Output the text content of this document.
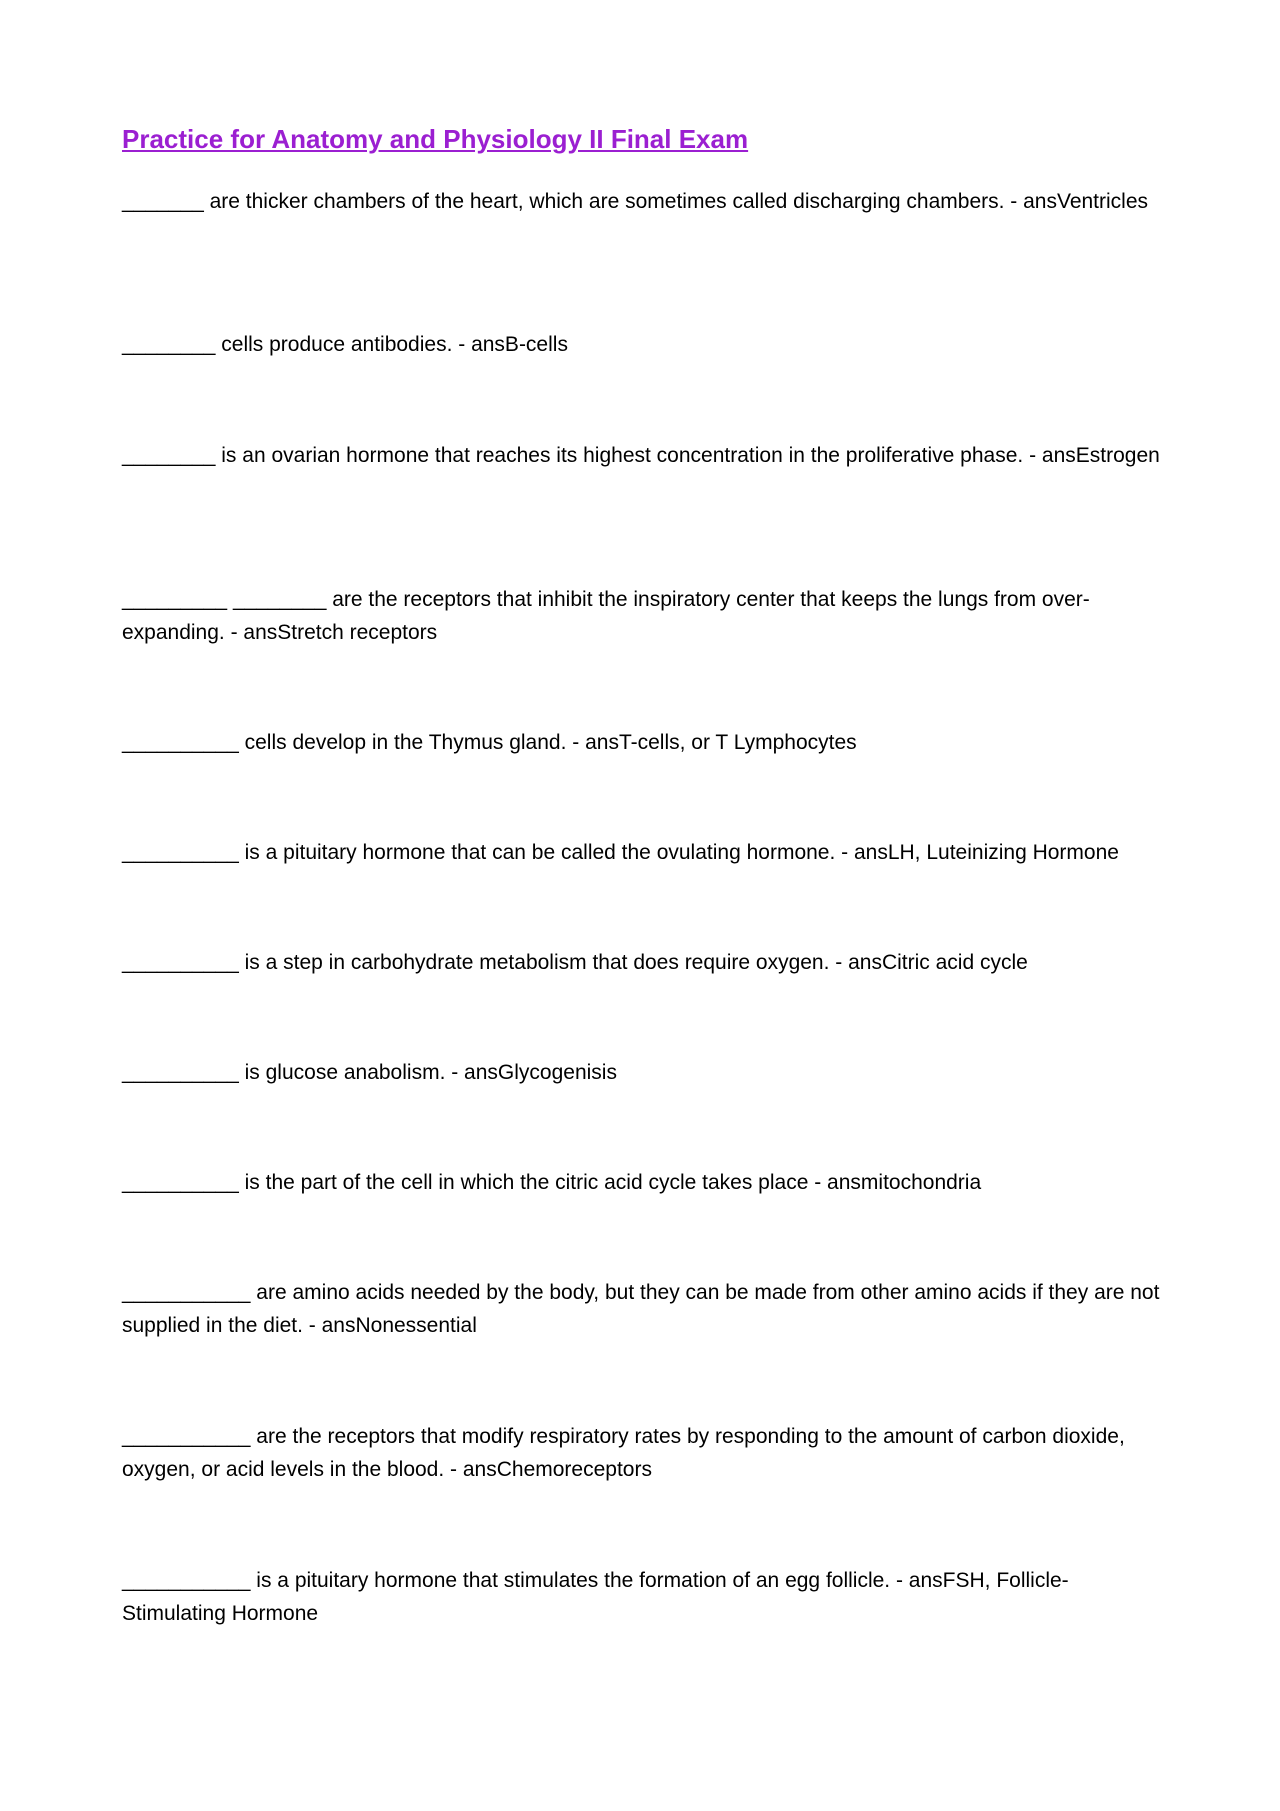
Practice for Anatomy and Physiology II Final Exam

_______ are thicker chambers of the heart, which are sometimes called discharging chambers. - ansVentricles

________ cells produce antibodies. - ansB-cells

________ is an ovarian hormone that reaches its highest concentration in the proliferative phase. - ansEstrogen

_________ ________ are the receptors that inhibit the inspiratory center that keeps the lungs from over-expanding. - ansStretch receptors

__________ cells develop in the Thymus gland. - ansT-cells, or T Lymphocytes

__________ is a pituitary hormone that can be called the ovulating hormone. - ansLH, Luteinizing Hormone

__________ is a step in carbohydrate metabolism that does require oxygen. - ansCitric acid cycle

__________ is glucose anabolism. - ansGlycogenisis

__________ is the part of the cell in which the citric acid cycle takes place - ansmitochondria

___________ are amino acids needed by the body, but they can be made from other amino acids if they are not supplied in the diet. - ansNonessential

___________ are the receptors that modify respiratory rates by responding to the amount of carbon dioxide, oxygen, or acid levels in the blood. - ansChemoreceptors

___________ is a pituitary hormone that stimulates the formation of an egg follicle. - ansFSH, Follicle-Stimulating Hormone
